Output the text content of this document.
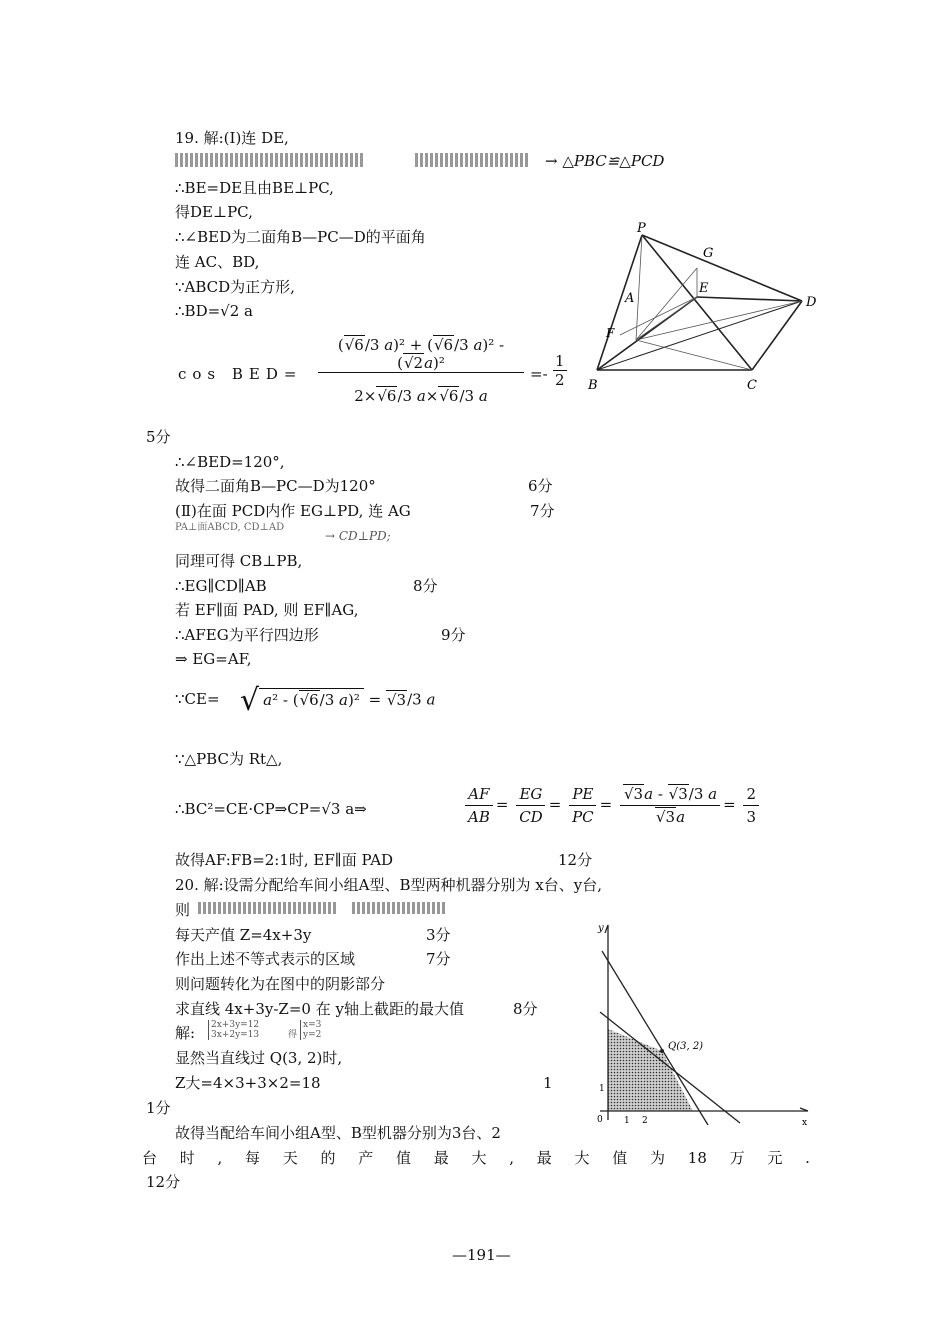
19. 解:(Ⅰ)连 DE,
→ △PBC≌△PCD
∴BE=DE且由BE⊥PC,
得DE⊥PC,
∴∠BED为二面角B—PC—D的平面角
连 AC、BD,
∵ABCD为正方形,
∴BD=√2 a
cos BED=
(√6/3 a)² + (√6/3 a)² - (√2a)²
2×√6/3 a×√6/3 a
=-
1
2
5分
∴∠BED=120°,
故得二面角B—PC—D为120°	6分
(Ⅱ)在面 PCD内作 EG⊥PD, 连 AG	7分
PA⊥面ABCD, CD⊥AD
→ CD⊥PD;
同理可得 CB⊥PB,
∴EG∥CD∥AB	8分
若 EF∥面 PAD, 则 EF∥AG,
∴AFEG为平行四边形	9分
⇒ EG=AF,
∵CE= √ a² - (√6/3 a)² = √3/3 a
∵△PBC为 Rt△,
∴BC²=CE·CP⇒CP=√3 a⇒	$\frac{AF}{AB} = \frac{EG}{CD} = \frac{PE}{PC} = \frac{√3a - √3/3 a}{√3a} = \frac{2}{3}$
故得AF:FB=2:1时, EF∥面 PAD	12分
20. 解:设需分配给车间小组A型、B型两种机器分别为 x台、y台,
则
每天产值 Z=4x+3y	3分
作出上述不等式表示的区域	7分
则问题转化为在图中的阴影部分
求直线 4x+3y-Z=0 在 y轴上截距的最大值	8分
解: 2x+3y=12
3x+2y=13	得
x=3
y=2
显然当直线过 Q(3, 2)时,
Z大=4×3+3×2=18	1
1分
故得当配给车间小组A型、B型机器分别为3台、2
台 时 , 每 天 的 产 值 最 大 , 最 大 值 为 18 万 元 .
12分
P
G
A
E
D
F
B	C
y
x
0 1 2
1
Q(3, 2)
—191—
